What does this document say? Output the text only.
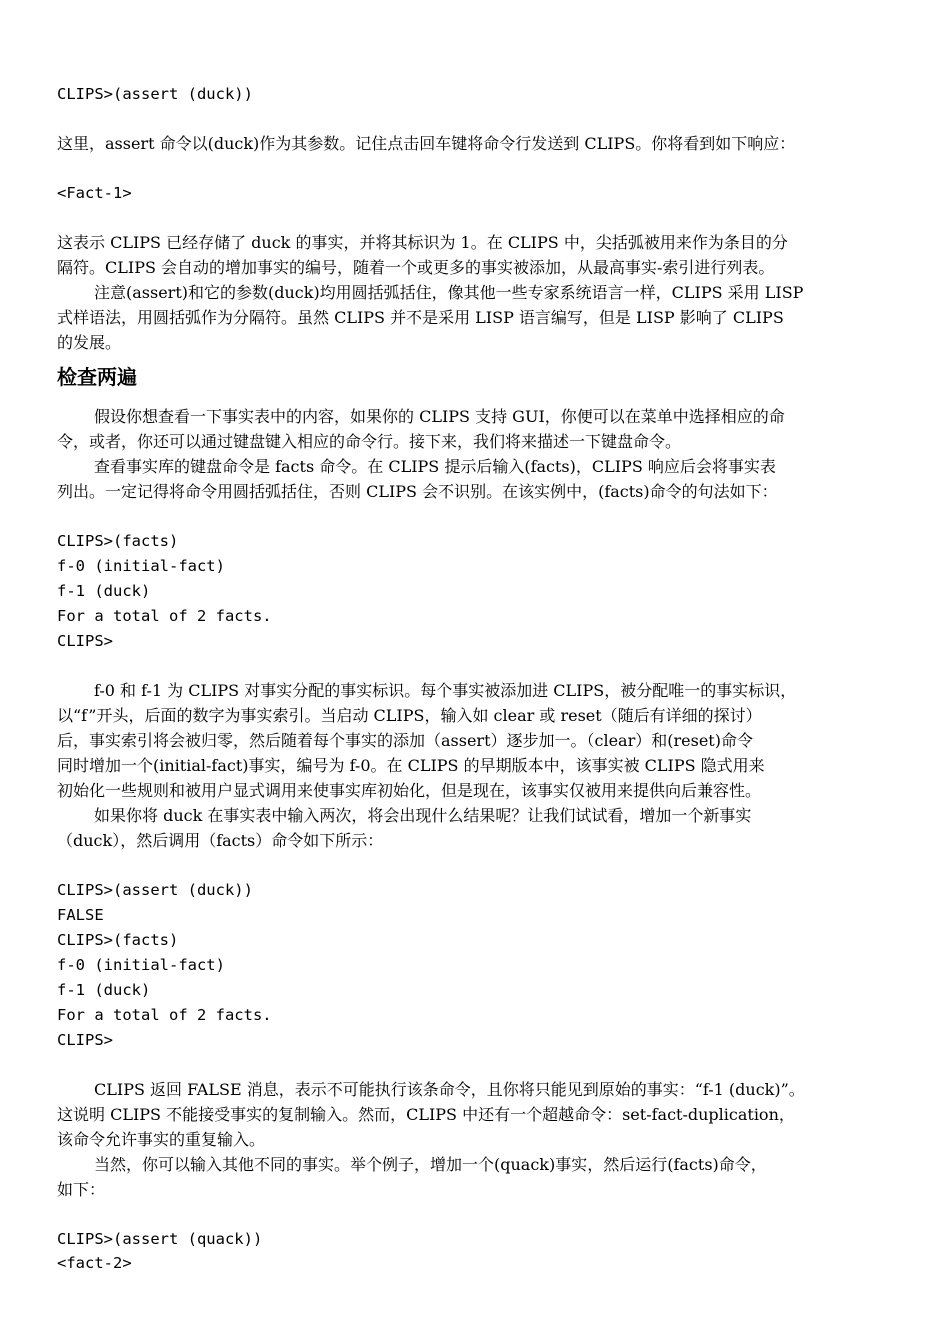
CLIPS>(assert (duck))
这里，assert 命令以(duck)作为其参数。记住点击回车键将命令行发送到 CLIPS。你将看到如下响应：
<Fact-1>
这表示 CLIPS 已经存储了 duck 的事实，并将其标识为 1。在 CLIPS 中，尖括弧被用来作为条目的分
隔符。CLIPS 会自动的增加事实的编号，随着一个或更多的事实被添加，从最高事实-索引进行列表。
注意(assert)和它的参数(duck)均用圆括弧括住，像其他一些专家系统语言一样，CLIPS 采用 LISP
式样语法，用圆括弧作为分隔符。虽然 CLIPS 并不是采用 LISP 语言编写，但是 LISP 影响了 CLIPS
的发展。
检查两遍
假设你想查看一下事实表中的内容，如果你的 CLIPS 支持 GUI，你便可以在菜单中选择相应的命
令，或者，你还可以通过键盘键入相应的命令行。接下来，我们将来描述一下键盘命令。
查看事实库的键盘命令是 facts 命令。在 CLIPS 提示后输入(facts)，CLIPS 响应后会将事实表
列出。一定记得将命令用圆括弧括住，否则 CLIPS 会不识别。在该实例中，(facts)命令的句法如下：
CLIPS>(facts)
f-0 (initial-fact)
f-1 (duck)
For a total of 2 facts.
CLIPS>
f-0 和 f-1 为 CLIPS 对事实分配的事实标识。每个事实被添加进 CLIPS，被分配唯一的事实标识，
以“f”开头，后面的数字为事实索引。当启动 CLIPS，输入如 clear 或 reset（随后有详细的探讨）
后，事实索引将会被归零，然后随着每个事实的添加（assert）逐步加一。（clear）和(reset)命令
同时增加一个(initial-fact)事实，编号为 f-0。在 CLIPS 的早期版本中，该事实被 CLIPS 隐式用来
初始化一些规则和被用户显式调用来使事实库初始化，但是现在，该事实仅被用来提供向后兼容性。
如果你将 duck 在事实表中输入两次，将会出现什么结果呢？让我们试试看，增加一个新事实
（duck），然后调用（facts）命令如下所示：
CLIPS>(assert (duck))
FALSE
CLIPS>(facts)
f-0 (initial-fact)
f-1 (duck)
For a total of 2 facts.
CLIPS>
CLIPS 返回 FALSE 消息，表示不可能执行该条命令，且你将只能见到原始的事实：“f-1 (duck)”。
这说明 CLIPS 不能接受事实的复制输入。然而，CLIPS 中还有一个超越命令：set-fact-duplication，
该命令允许事实的重复输入。
当然，你可以输入其他不同的事实。举个例子，增加一个(quack)事实，然后运行(facts)命令，
如下：
CLIPS>(assert (quack))
<fact-2>
